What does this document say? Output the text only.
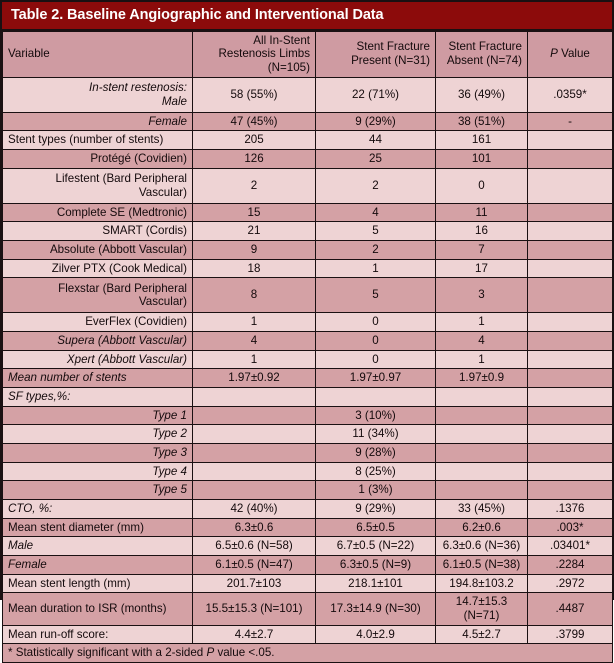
Table 2. Baseline Angiographic and Interventional Data
Variable	All In-Stent Restenosis Limbs (N=105)	Stent Fracture Present (N=31)	Stent Fracture Absent (N=74)	P Value
In-stent restenosis:
Male	58 (55%)	22 (71%)	36 (49%)	.0359*
Female	47 (45%)	9 (29%)	38 (51%)	-
Stent types (number of stents)	205	44	161	
Protégé (Covidien)	126	25	101	
Lifestent (Bard Peripheral
Vascular)	2	2	0	
Complete SE (Medtronic)	15	4	11	
SMART (Cordis)	21	5	16	
Absolute (Abbott Vascular)	9	2	7	
Zilver PTX (Cook Medical)	18	1	17	
Flexstar (Bard Peripheral
Vascular)	8	5	3	
EverFlex (Covidien)	1	0	1	
Supera (Abbott Vascular)	4	0	4	
Xpert (Abbott Vascular)	1	0	1	
Mean number of stents	1.97±0.92	1.97±0.97	1.97±0.9	
SF types,%:				
Type 1		3 (10%)		
Type 2		11 (34%)		
Type 3		9 (28%)		
Type 4		8 (25%)		
Type 5		1 (3%)		
CTO, %:	42 (40%)	9 (29%)	33 (45%)	.1376
Mean stent diameter (mm)	6.3±0.6	6.5±0.5	6.2±0.6	.003*
Male	6.5±0.6 (N=58)	6.7±0.5 (N=22)	6.3±0.6 (N=36)	.03401*
Female	6.1±0.5 (N=47)	6.3±0.5 (N=9)	6.1±0.5 (N=38)	.2284
Mean stent length (mm)	201.7±103	218.1±101	194.8±103.2	.2972
Mean duration to ISR (months)	15.5±15.3 (N=101)	17.3±14.9 (N=30)	14.7±15.3 (N=71)	.4487
Mean run-off score:	4.4±2.7	4.0±2.9	4.5±2.7	.3799
* Statistically significant with a 2-sided P value <.05.				
